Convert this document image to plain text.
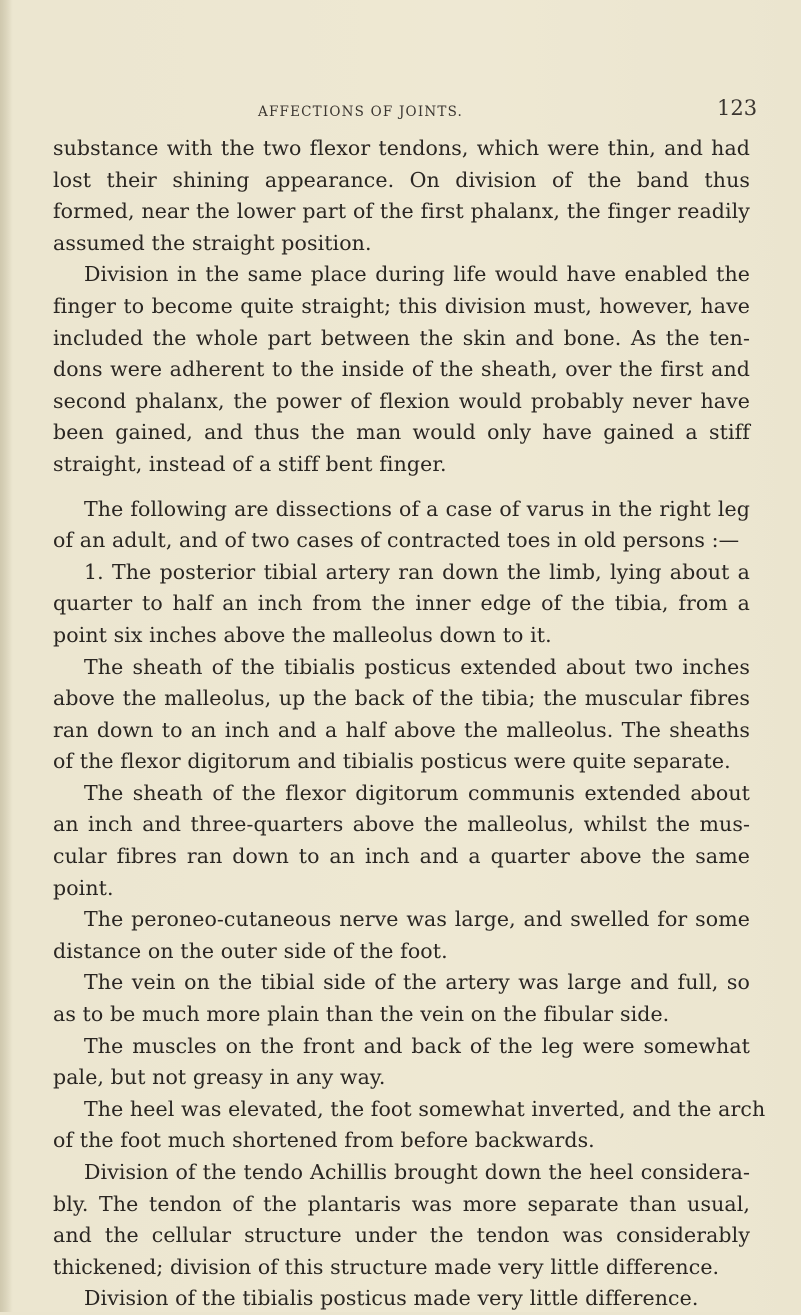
AFFECTIONS OF JOINTS.	123
substance with the two flexor tendons, which were thin, and had
lost their shining appearance. On division of the band thus
formed, near the lower part of the first phalanx, the finger readily
assumed the straight position.
Division in the same place during life would have enabled the
finger to become quite straight; this division must, however, have
included the whole part between the skin and bone. As the ten-
dons were adherent to the inside of the sheath, over the first and
second phalanx, the power of flexion would probably never have
been gained, and thus the man would only have gained a stiff
straight, instead of a stiff bent finger.
The following are dissections of a case of varus in the right leg
of an adult, and of two cases of contracted toes in old persons :—
1. The posterior tibial artery ran down the limb, lying about a
quarter to half an inch from the inner edge of the tibia, from a
point six inches above the malleolus down to it.
The sheath of the tibialis posticus extended about two inches
above the malleolus, up the back of the tibia; the muscular fibres
ran down to an inch and a half above the malleolus. The sheaths
of the flexor digitorum and tibialis posticus were quite separate.
The sheath of the flexor digitorum communis extended about
an inch and three-quarters above the malleolus, whilst the mus-
cular fibres ran down to an inch and a quarter above the same
point.
The peroneo-cutaneous nerve was large, and swelled for some
distance on the outer side of the foot.
The vein on the tibial side of the artery was large and full, so
as to be much more plain than the vein on the fibular side.
The muscles on the front and back of the leg were somewhat
pale, but not greasy in any way.
The heel was elevated, the foot somewhat inverted, and the arch
of the foot much shortened from before backwards.
Division of the tendo Achillis brought down the heel considera-
bly. The tendon of the plantaris was more separate than usual,
and the cellular structure under the tendon was considerably
thickened; division of this structure made very little difference.
Division of the tibialis posticus made very little difference.
